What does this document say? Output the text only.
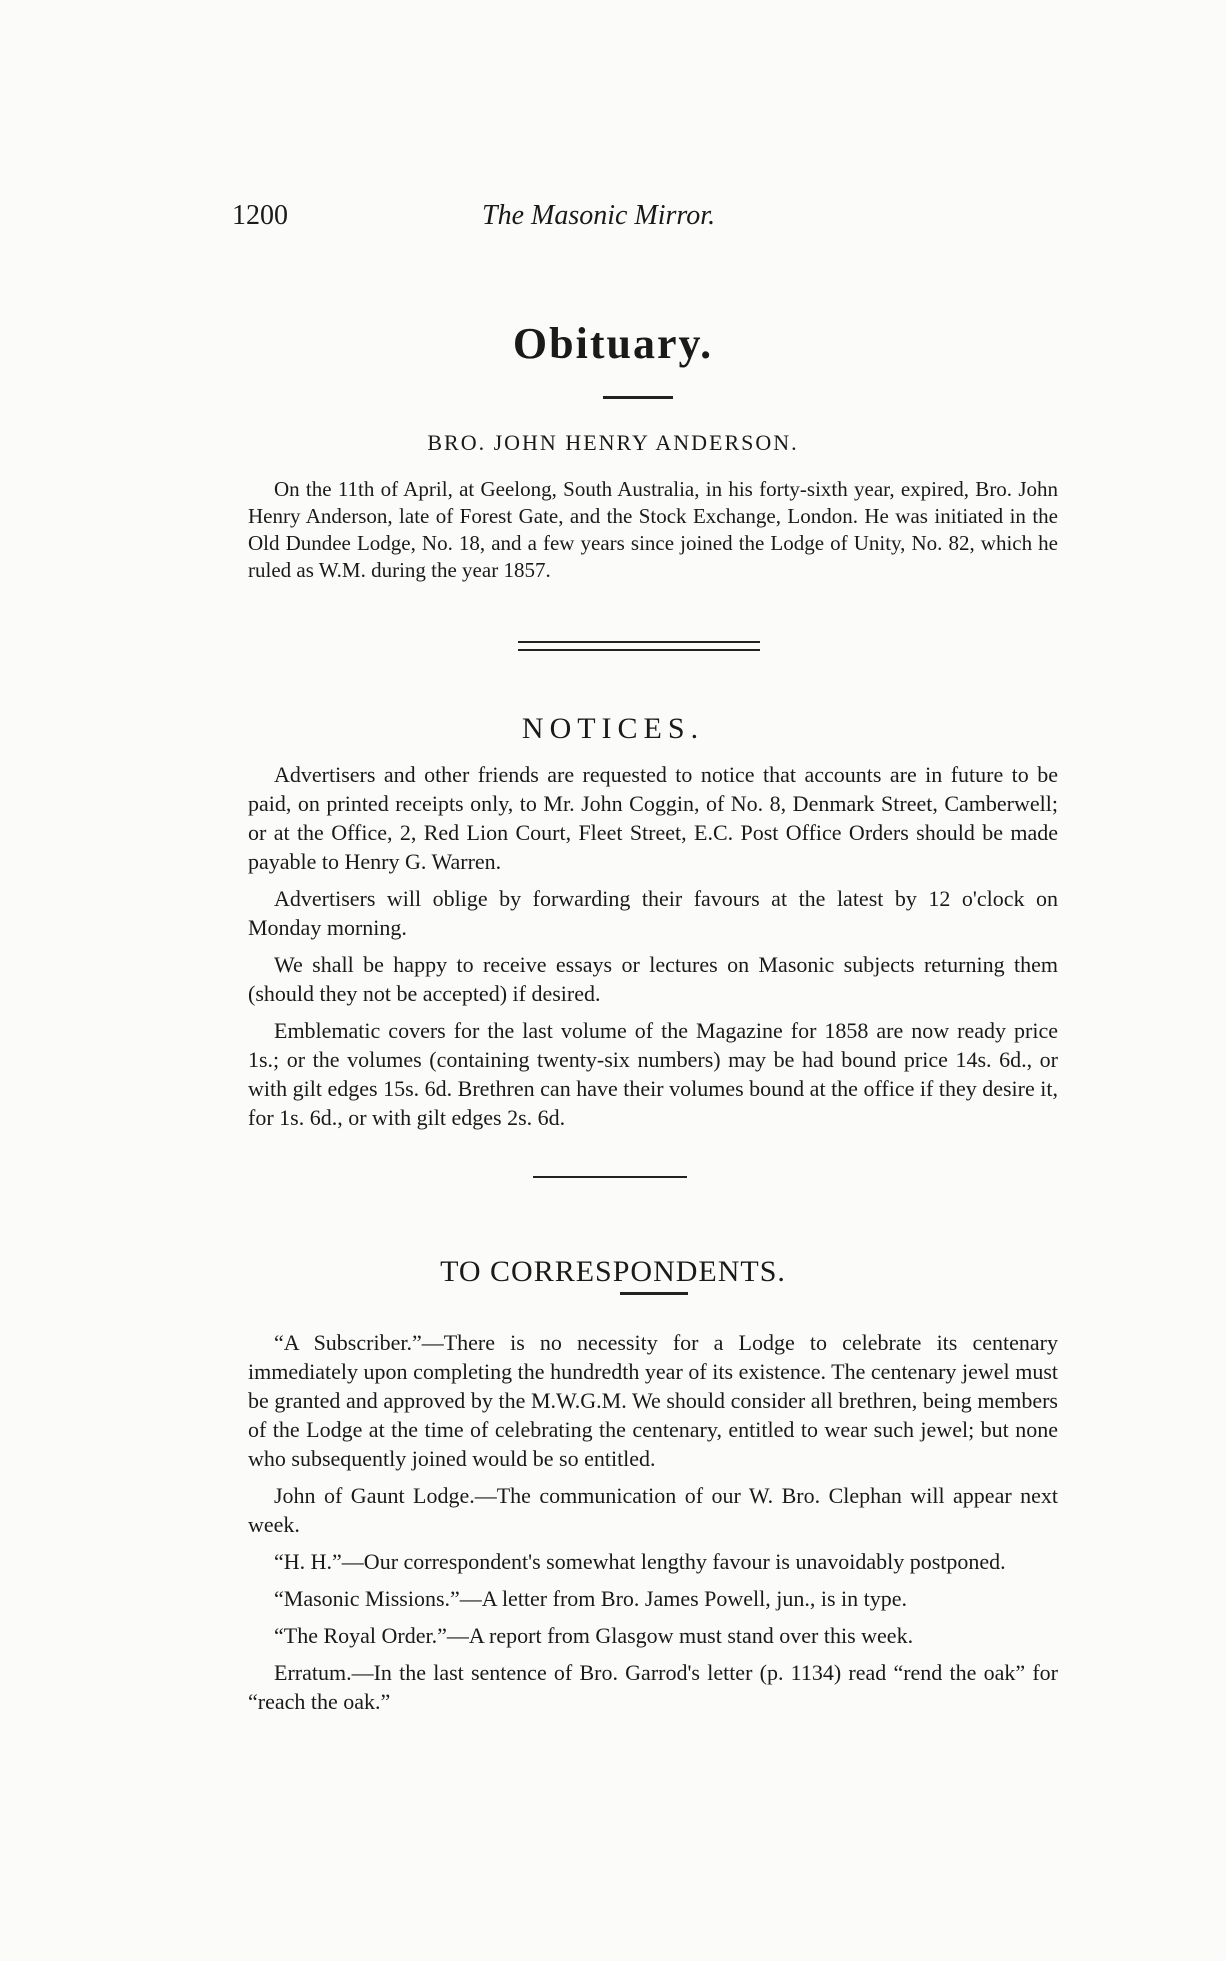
1200	The Masonic Mirror.
Obituary.
BRO. JOHN HENRY ANDERSON.

On the 11th of April, at Geelong, South Australia, in his forty-sixth year, expired, Bro. John Henry Anderson, late of Forest Gate, and the Stock Exchange, London. He was initiated in the Old Dundee Lodge, No. 18, and a few years since joined the Lodge of Unity, No. 82, which he ruled as W.M. during the year 1857.

NOTICES.

Advertisers and other friends are requested to notice that accounts are in future to be paid, on printed receipts only, to Mr. John Coggin, of No. 8, Denmark Street, Camberwell; or at the Office, 2, Red Lion Court, Fleet Street, E.C. Post Office Orders should be made payable to Henry G. Warren.

Advertisers will oblige by forwarding their favours at the latest by 12 o'clock on Monday morning.

We shall be happy to receive essays or lectures on Masonic subjects returning them (should they not be accepted) if desired.

Emblematic covers for the last volume of the Magazine for 1858 are now ready price 1s.; or the volumes (containing twenty-six numbers) may be had bound price 14s. 6d., or with gilt edges 15s. 6d. Brethren can have their volumes bound at the office if they desire it, for 1s. 6d., or with gilt edges 2s. 6d.

TO CORRESPONDENTS.

“A Subscriber.”—There is no necessity for a Lodge to celebrate its centenary immediately upon completing the hundredth year of its existence. The centenary jewel must be granted and approved by the M.W.G.M. We should consider all brethren, being members of the Lodge at the time of celebrating the centenary, entitled to wear such jewel; but none who subsequently joined would be so entitled.

John of Gaunt Lodge.—The communication of our W. Bro. Clephan will appear next week.

“H. H.”—Our correspondent's somewhat lengthy favour is unavoidably postponed.

“Masonic Missions.”—A letter from Bro. James Powell, jun., is in type.

“The Royal Order.”—A report from Glasgow must stand over this week.

Erratum.—In the last sentence of Bro. Garrod's letter (p. 1134) read “rend the oak” for “reach the oak.”
